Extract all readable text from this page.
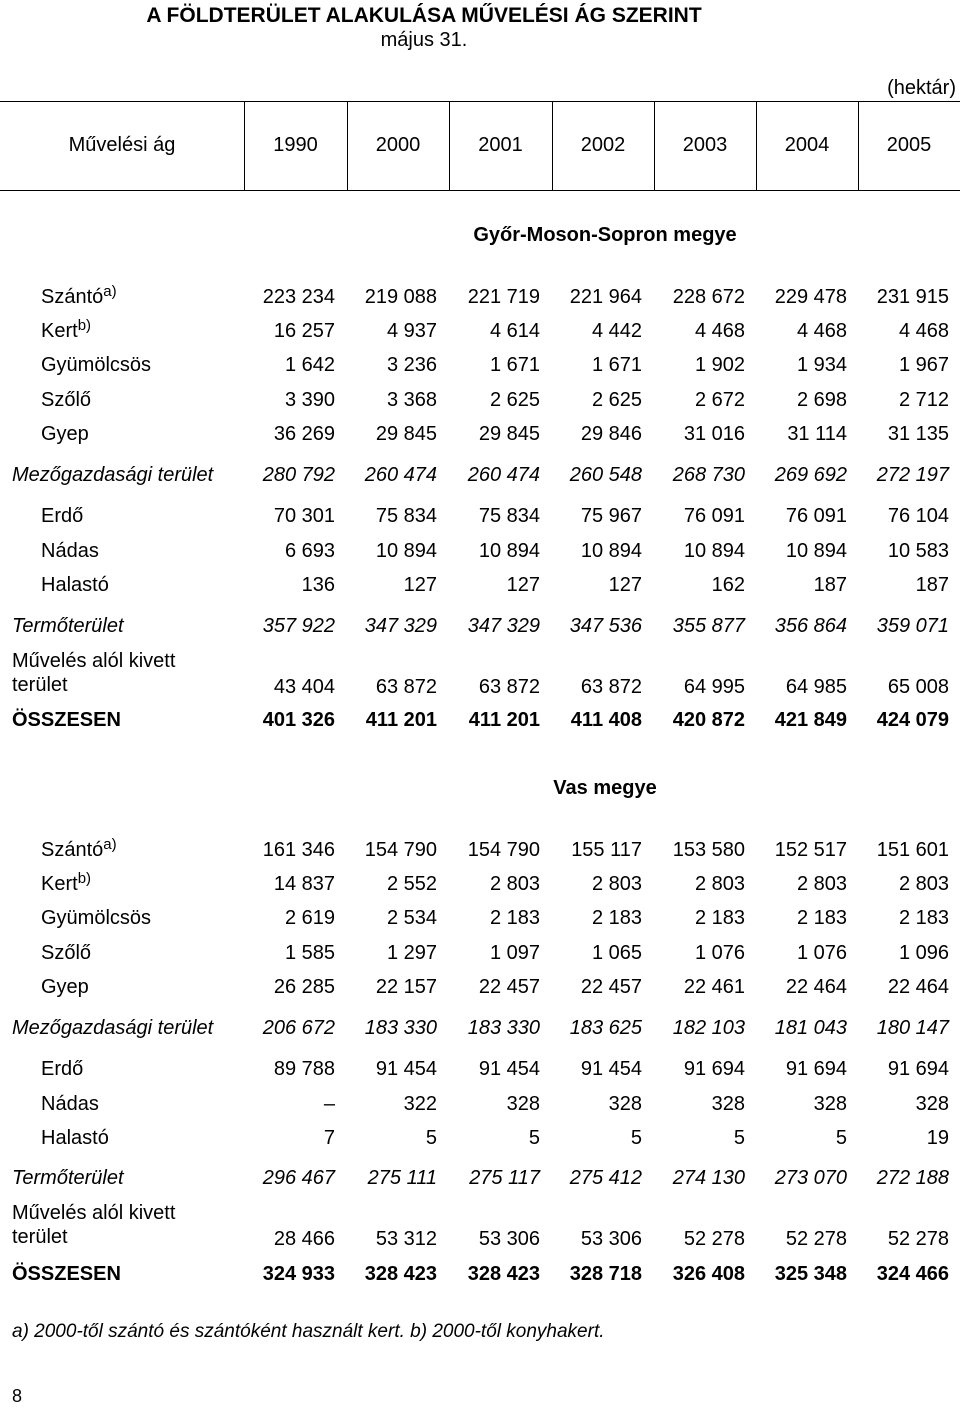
A FÖLDTERÜLET ALAKULÁSA MŰVELÉSI ÁG SZERINT
május 31.
(hektár)
Művelési ág	1990	2000	2001	2002	2003	2004	2005
Győr-Moson-Sopron megye
Szántó$^{a)}$	223 234	219 088	221 719	221 964	228 672	229 478	231 915
Kert$^{b)}$	16 257	4 937	4 614	4 442	4 468	4 468	4 468
Gyümölcsös	1 642	3 236	1 671	1 671	1 902	1 934	1 967
Szőlő	3 390	3 368	2 625	2 625	2 672	2 698	2 712
Gyep	36 269	29 845	29 845	29 846	31 016	31 114	31 135
Mezőgazdasági terület	280 792	260 474	260 474	260 548	268 730	269 692	272 197
Erdő	70 301	75 834	75 834	75 967	76 091	76 091	76 104
Nádas	6 693	10 894	10 894	10 894	10 894	10 894	10 583
Halastó	136	127	127	127	162	187	187
Termőterület	357 922	347 329	347 329	347 536	355 877	356 864	359 071
Művelés alól kivett terület	43 404	63 872	63 872	63 872	64 995	64 985	65 008
ÖSSZESEN	401 326	411 201	411 201	411 408	420 872	421 849	424 079
Vas megye
Szántó$^{a)}$	161 346	154 790	154 790	155 117	153 580	152 517	151 601
Kert$^{b)}$	14 837	2 552	2 803	2 803	2 803	2 803	2 803
Gyümölcsös	2 619	2 534	2 183	2 183	2 183	2 183	2 183
Szőlő	1 585	1 297	1 097	1 065	1 076	1 076	1 096
Gyep	26 285	22 157	22 457	22 457	22 461	22 464	22 464
Mezőgazdasági terület	206 672	183 330	183 330	183 625	182 103	181 043	180 147
Erdő	89 788	91 454	91 454	91 454	91 694	91 694	91 694
Nádas	–	322	328	328	328	328	328
Halastó	7	5	5	5	5	5	19
Termőterület	296 467	275 111	275 117	275 412	274 130	273 070	272 188
Művelés alól kivett terület	28 466	53 312	53 306	53 306	52 278	52 278	52 278
ÖSSZESEN	324 933	328 423	328 423	328 718	326 408	325 348	324 466
a) 2000-től szántó és szántóként használt kert. b) 2000-től konyhakert.
8
